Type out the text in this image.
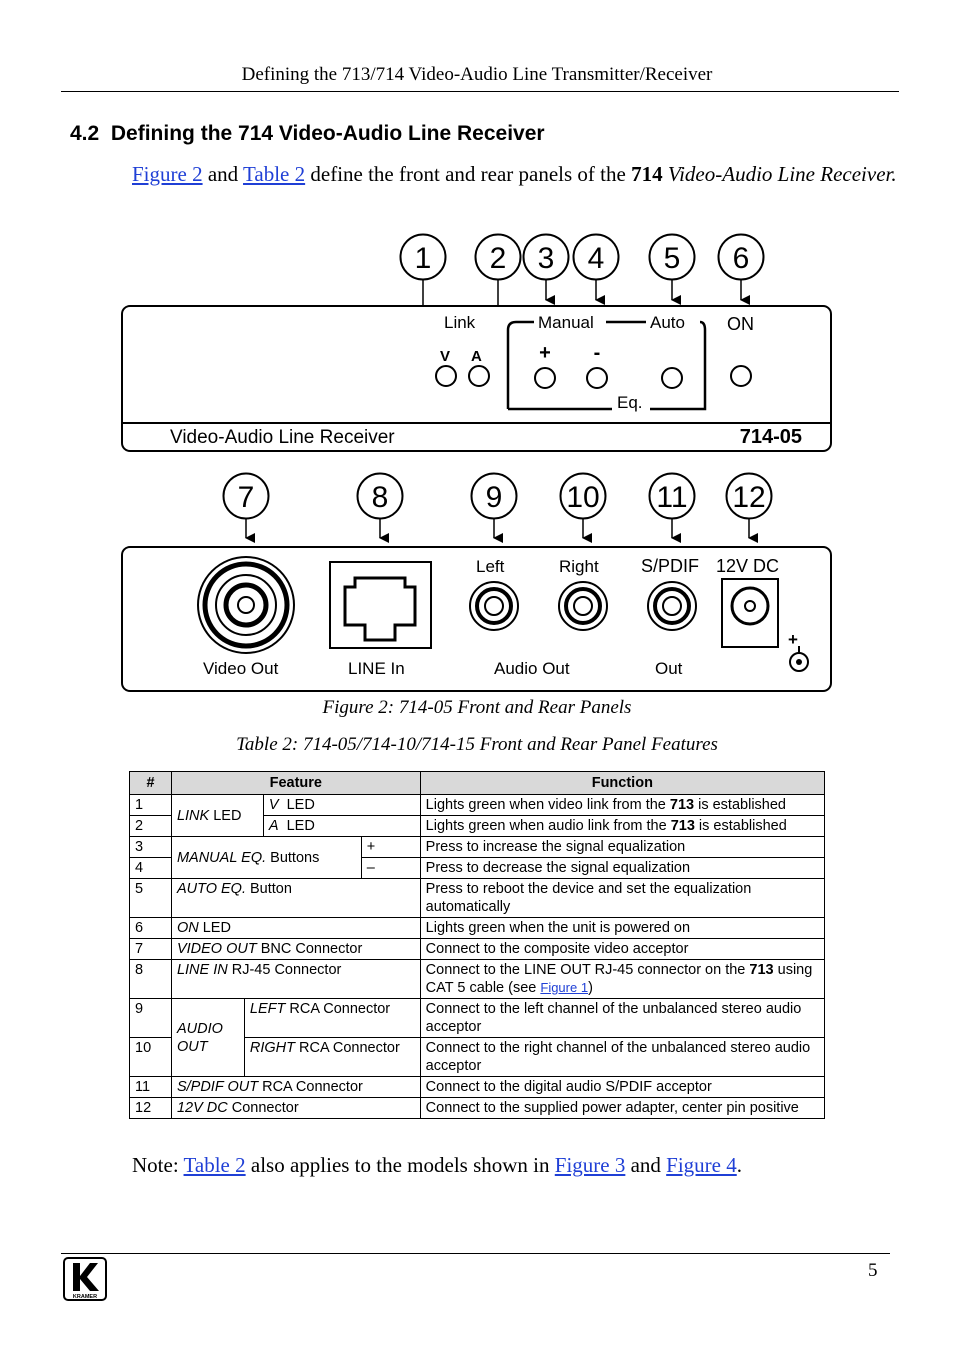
Defining the 713/714 Video-Audio Line Transmitter/Receiver
4.2 Defining the 714 Video-Audio Line Receiver
Figure 2 and Table 2 define the front and rear panels of the 714 Video-Audio Line Receiver.
1 2 3 4 5 6
Link
V A
Manual	Auto
Eq.
ON
+ -
Video-Audio Line Receiver	714-05
7	8	9 10 11 12
+
Left	Right S/PDIF 12V DC
Video Out	LINE In	Audio Out	Out
Figure 2: 714-05 Front and Rear Panels
Table 2: 714-05/714-10/714-15 Front and Rear Panel Features
#	Feature				Function
1	LINK LED		V  LED		Lights green when video link from the 713 is established
2			A  LED		Lights green when audio link from the 713 is established
3	MANUAL EQ. Buttons			+	Press to increase the signal equalization
4				–	Press to decrease the signal equalization
5	AUTO EQ. Button				Press to reboot the device and set the equalization automatically
6	ON LED				Lights green when the unit is powered on
7	VIDEO OUT BNC Connector				Connect to the composite video acceptor
8	LINE IN RJ-45 Connector				Connect to the LINE OUT RJ-45 connector on the 713 using CAT 5 cable (see Figure 1)
9	AUDIO OUT	LEFT RCA Connector			Connect to the left channel of the unbalanced stereo audio acceptor
10		RIGHT RCA Connector			Connect to the right channel of the unbalanced stereo audio acceptor
11	S/PDIF OUT RCA Connector				Connect to the digital audio S/PDIF acceptor
12	12V DC Connector				Connect to the supplied power adapter, center pin positive
Note: Table 2 also applies to the models shown in Figure 3 and Figure 4.
KRAMER
5
